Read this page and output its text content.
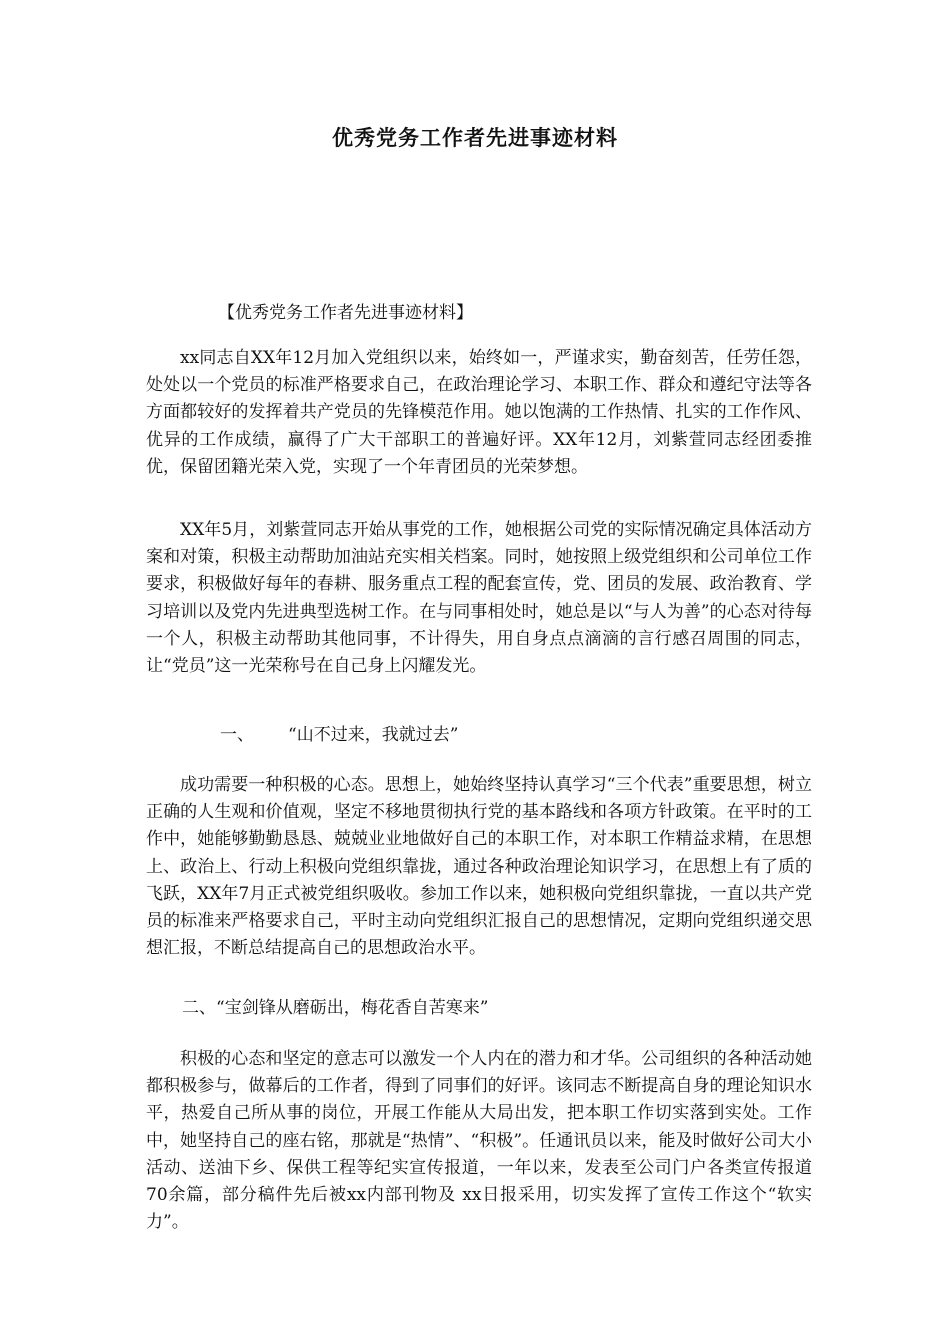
优秀党务工作者先进事迹材料
【优秀党务工作者先进事迹材料】

xx同志自XX年12月加入党组织以来，始终如一，严谨求实，勤奋刻苦，任劳任怨，处处以一个党员的标准严格要求自己，在政治理论学习、本职工作、群众和遵纪守法等各方面都较好的发挥着共产党员的先锋模范作用。她以饱满的工作热情、扎实的工作作风、优异的工作成绩，赢得了广大干部职工的普遍好评。XX年12月，刘紫萱同志经团委推优，保留团籍光荣入党，实现了一个年青团员的光荣梦想。

XX年5月，刘紫萱同志开始从事党的工作，她根据公司党的实际情况确定具体活动方案和对策，积极主动帮助加油站充实相关档案。同时，她按照上级党组织和公司单位工作要求，积极做好每年的春耕、服务重点工程的配套宣传，党、团员的发展、政治教育、学习培训以及党内先进典型选树工作。在与同事相处时，她总是以“与人为善”的心态对待每一个人，积极主动帮助其他同事，不计得失，用自身点点滴滴的言行感召周围的同志，让“党员”这一光荣称号在自己身上闪耀发光。

一、 “山不过来，我就过去”

成功需要一种积极的心态。思想上，她始终坚持认真学习“三个代表”重要思想，树立正确的人生观和价值观，坚定不移地贯彻执行党的基本路线和各项方针政策。在平时的工作中，她能够勤勤恳恳、兢兢业业地做好自己的本职工作，对本职工作精益求精，在思想上、政治上、行动上积极向党组织靠拢，通过各种政治理论知识学习，在思想上有了质的飞跃，XX年7月正式被党组织吸收。参加工作以来，她积极向党组织靠拢，一直以共产党员的标准来严格要求自己，平时主动向党组织汇报自己的思想情况，定期向党组织递交思想汇报，不断总结提高自己的思想政治水平。

二、“宝剑锋从磨砺出，梅花香自苦寒来”

积极的心态和坚定的意志可以激发一个人内在的潜力和才华。公司组织的各种活动她都积极参与，做幕后的工作者，得到了同事们的好评。该同志不断提高自身的理论知识水平，热爱自己所从事的岗位，开展工作能从大局出发，把本职工作切实落到实处。工作中，她坚持自己的座右铭，那就是“热情”、“积极”。任通讯员以来，能及时做好公司大小活动、送油下乡、保供工程等纪实宣传报道，一年以来，发表至公司门户各类宣传报道70余篇，部分稿件先后被xx内部刊物及 xx日报采用，切实发挥了宣传工作这个“软实力”。
